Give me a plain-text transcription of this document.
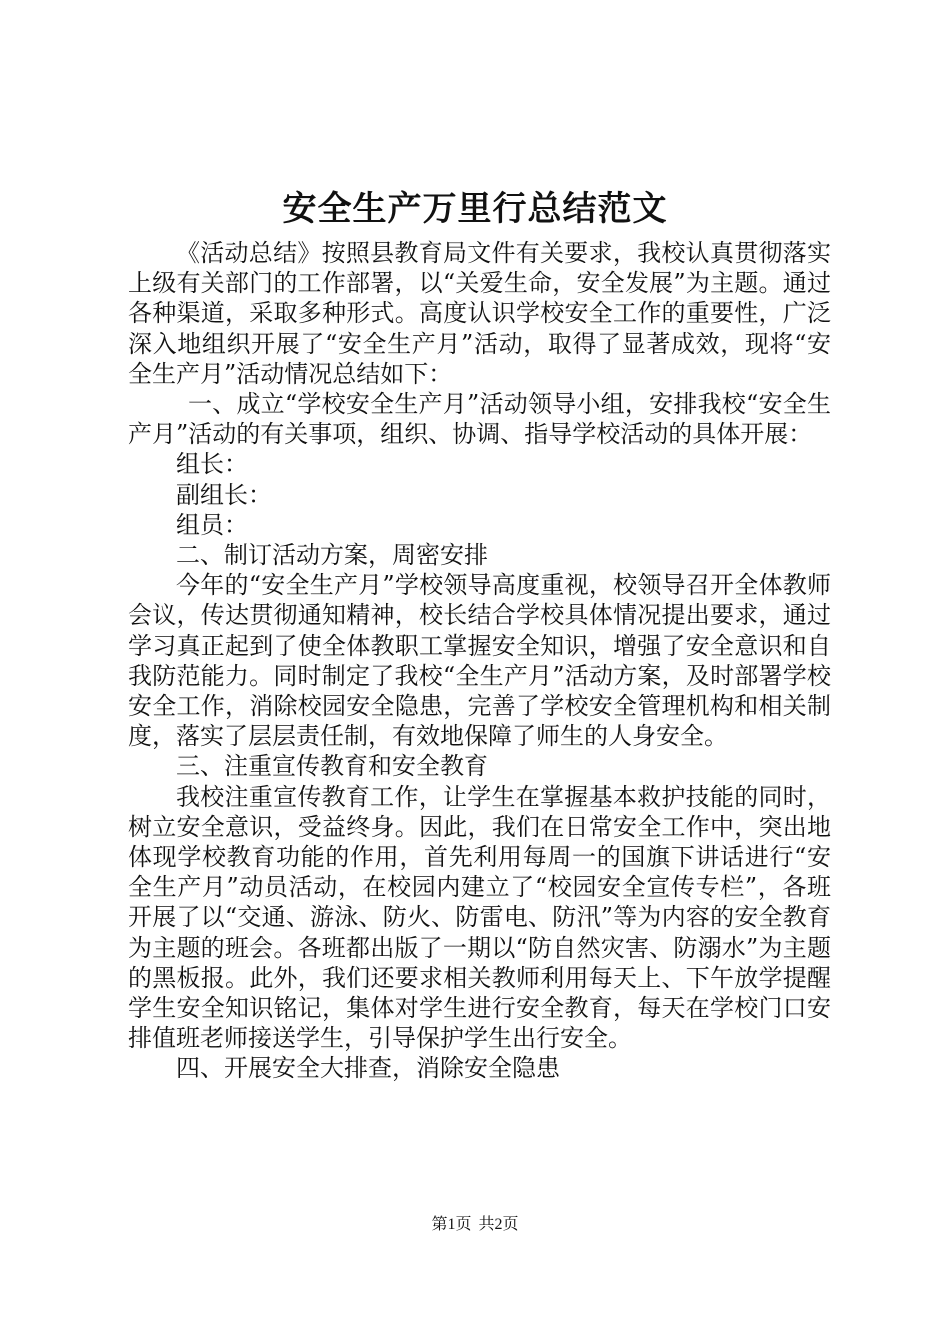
安全生产万里行总结范文

《活动总结》按照县教育局文件有关要求，我校认真贯彻落实上级有关部门的工作部署，以“关爱生命，安全发展”为主题。通过各种渠道，采取多种形式。高度认识学校安全工作的重要性，广泛深入地组织开展了“安全生产月”活动，取得了显著成效，现将“安全生产月”活动情况总结如下：

一、成立“学校安全生产月”活动领导小组，安排我校“安全生产月”活动的有关事项，组织、协调、指导学校活动的具体开展：

组长：

副组长：

组员：

二、制订活动方案，周密安排

今年的“安全生产月”学校领导高度重视，校领导召开全体教师会议，传达贯彻通知精神，校长结合学校具体情况提出要求，通过学习真正起到了使全体教职工掌握安全知识，增强了安全意识和自我防范能力。同时制定了我校“全生产月”活动方案，及时部署学校安全工作，消除校园安全隐患，完善了学校安全管理机构和相关制度，落实了层层责任制，有效地保障了师生的人身安全。

三、注重宣传教育和安全教育

我校注重宣传教育工作，让学生在掌握基本救护技能的同时，树立安全意识，受益终身。因此，我们在日常安全工作中，突出地体现学校教育功能的作用，首先利用每周一的国旗下讲话进行“安全生产月”动员活动，在校园内建立了“校园安全宣传专栏”，各班开展了以“交通、游泳、防火、防雷电、防汛”等为内容的安全教育为主题的班会。各班都出版了一期以“防自然灾害、防溺水”为主题的黑板报。此外，我们还要求相关教师利用每天上、下午放学提醒学生安全知识铭记，集体对学生进行安全教育，每天在学校门口安排值班老师接送学生，引导保护学生出行安全。

四、开展安全大排查，消除安全隐患

第1页 共2页
